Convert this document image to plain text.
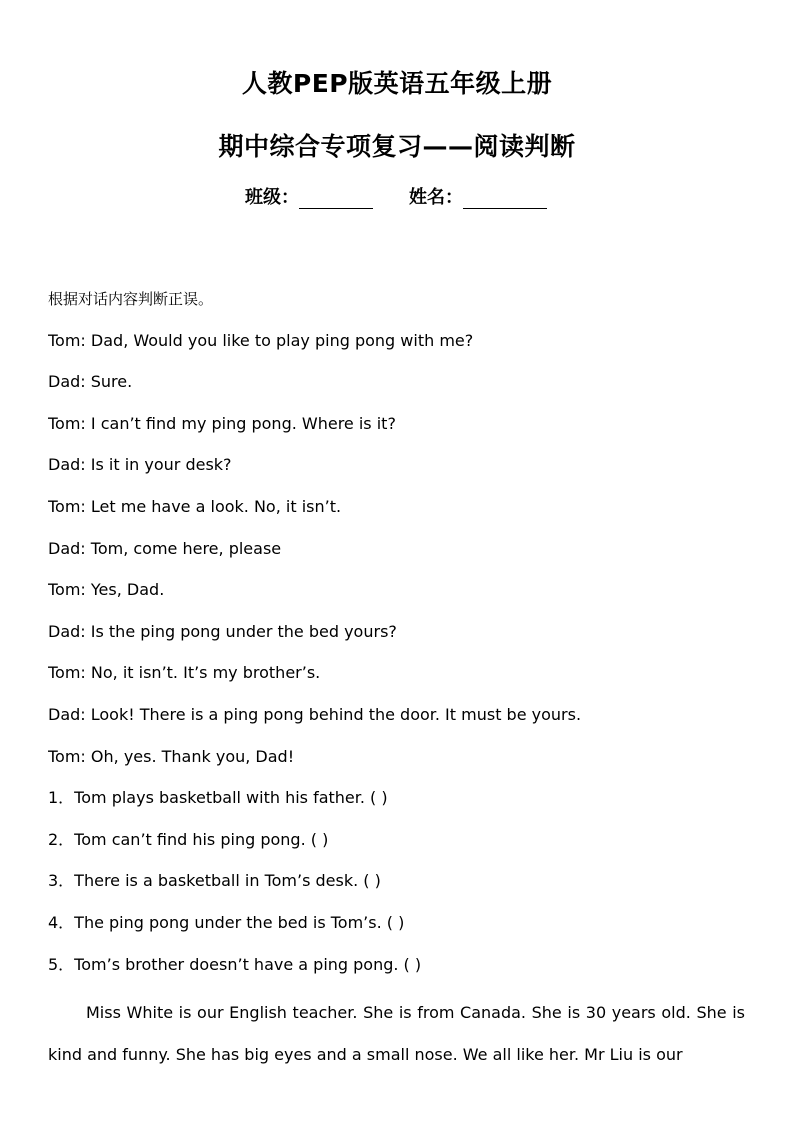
人教PEP版英语五年级上册
期中综合专项复习——阅读判断
班级：	姓名：
根据对话内容判断正误。
Tom: Dad, Would you like to play ping pong with me?
Dad: Sure.
Tom: I can’t find my ping pong. Where is it?
Dad: Is it in your desk?
Tom: Let me have a look. No, it isn’t.
Dad: Tom, come here, please
Tom: Yes, Dad.
Dad: Is the ping pong under the bed yours?
Tom: No, it isn’t. It’s my brother’s.
Dad: Look! There is a ping pong behind the door. It must be yours.
Tom: Oh, yes. Thank you, Dad!
1．Tom plays basketball with his father. ( )
2．Tom can’t find his ping pong. ( )
3．There is a basketball in Tom’s desk. ( )
4．The ping pong under the bed is Tom’s. ( )
5．Tom’s brother doesn’t have a ping pong. ( )
Miss White is our English teacher. She is from Canada. She is 30 years old. She is kind and funny. She has big eyes and a small nose. We all like her. Mr Liu is our
